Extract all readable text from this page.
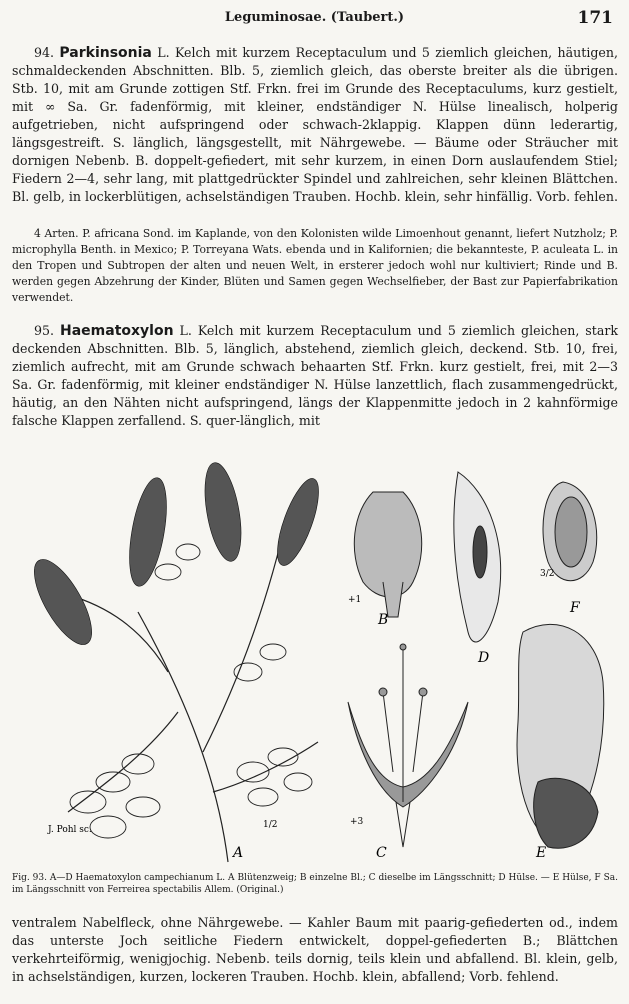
Leguminosae. (Taubert.)	171
94. Parkinsonia L. Kelch mit kurzem Receptaculum und 5 ziemlich gleichen, häutigen, schmaldeckenden Abschnitten. Blb. 5, ziemlich gleich, das oberste breiter als die übrigen. Stb. 10, mit am Grunde zottigen Stf. Frkn. frei im Grunde des Receptaculums, kurz gestielt, mit ∞ Sa. Gr. fadenförmig, mit kleiner, endständiger N. Hülse linealisch, holperig aufgetrieben, nicht aufspringend oder schwach-2klappig. Klappen dünn lederartig, längsgestreift. S. länglich, längsgestellt, mit Nährgewebe. — Bäume oder Sträucher mit dornigen Nebenb. B. doppelt-gefiedert, mit sehr kurzem, in einen Dorn auslaufendem Stiel; Fiedern 2—4, sehr lang, mit plattgedrückter Spindel und zahlreichen, sehr kleinen Blättchen. Bl. gelb, in lockerblütigen, achselständigen Trauben. Hochb. klein, sehr hinfällig. Vorb. fehlen.
4 Arten. P. africana Sond. im Kaplande, von den Kolonisten wilde Limoenhout genannt, liefert Nutzholz; P. microphylla Benth. in Mexico; P. Torreyana Wats. ebenda und in Kalifornien; die bekannteste, P. aculeata L. in den Tropen und Subtropen der alten und neuen Welt, in ersterer jedoch wohl nur kultiviert; Rinde und B. werden gegen Abzehrung der Kinder, Blüten und Samen gegen Wechselfieber, der Bast zur Papierfabrikation verwendet.
95. Haematoxylon L. Kelch mit kurzem Receptaculum und 5 ziemlich gleichen, stark deckenden Abschnitten. Blb. 5, länglich, abstehend, ziemlich gleich, deckend. Stb. 10, frei, ziemlich aufrecht, mit am Grunde schwach behaarten Stf. Frkn. kurz gestielt, frei, mit 2—3 Sa. Gr. fadenförmig, mit kleiner endständiger N. Hülse lanzettlich, flach zusammengedrückt, häutig, an den Nähten nicht aufspringend, längs der Klappenmitte jedoch in 2 kahnförmige falsche Klappen zerfallend. S. quer-länglich, mit
A
1/2
B
+1
D
F
3/2
C
+3
E
J. Pohl sc.
Fig. 93. A—D Haematoxylon campechianum L. A Blütenzweig; B einzelne Bl.; C dieselbe im Längsschnitt; D Hülse. — E Hülse, F Sa. im Längsschnitt von Ferreirea spectabilis Allem. (Original.)
ventralem Nabelfleck, ohne Nährgewebe. — Kahler Baum mit paarig-gefiederten od., indem das unterste Joch seitliche Fiedern entwickelt, doppel-gefiederten B.; Blättchen verkehrteiförmig, wenigjochig. Nebenb. teils dornig, teils klein und abfallend. Bl. klein, gelb, in achselständigen, kurzen, lockeren Trauben. Hochb. klein, abfallend; Vorb. fehlend.
